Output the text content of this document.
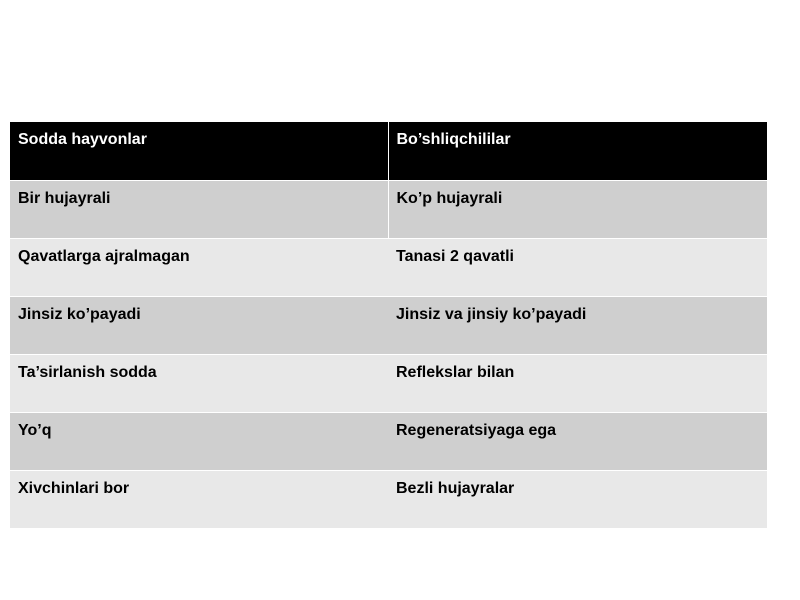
Sodda hayvonlar	Bo’shliqchililar
Bir hujayrali	Ko’p hujayrali
Qavatlarga ajralmagan	Tanasi 2 qavatli
Jinsiz ko’payadi	Jinsiz va jinsiy ko’payadi
Ta’sirlanish sodda	Reflekslar bilan
Yo’q	Regeneratsiyaga ega
Xivchinlari bor	Bezli hujayralar
